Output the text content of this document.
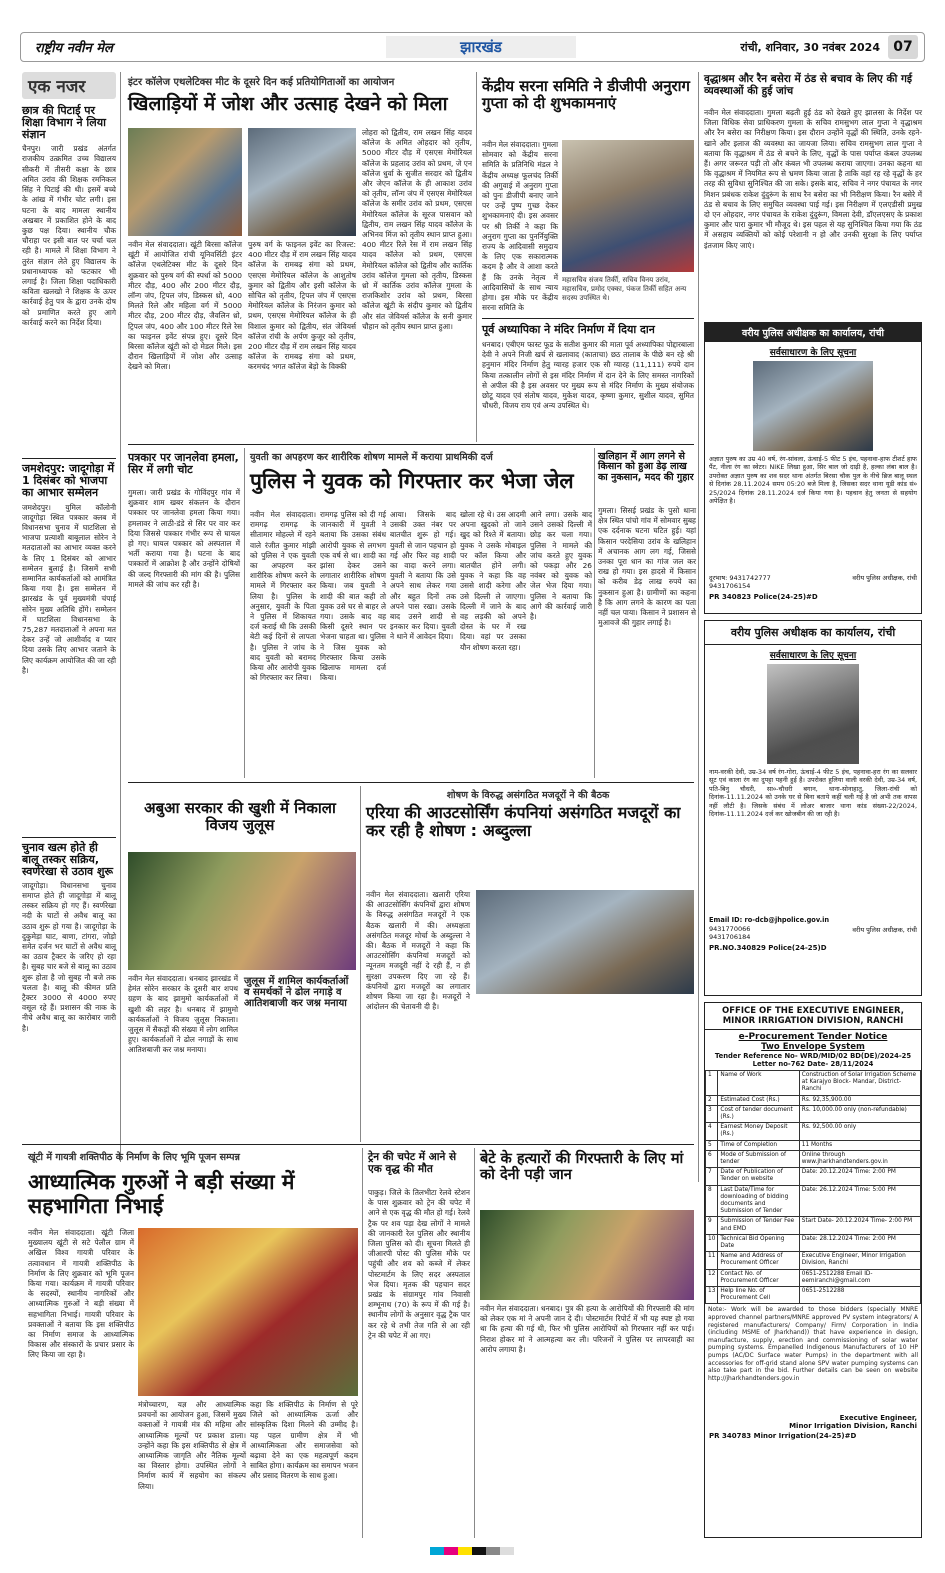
राष्ट्रीय नवीन मेल	झारखंड	रांची, शनिवार, 30 नवंबर 2024 07
एक नजर
छात्र की पिटाई पर शिक्षा विभाग ने लिया संज्ञान
चैनपुर। जारी प्रखंड अंतर्गत राजकीय उत्क्रमित उच्च विद्यालय सीकरी में तीसरी कक्षा के छात्र अमित उरांव की शिक्षक रमनिकल सिंह ने पिटाई की थी। इसमें बच्चे के आंख में गंभीर चोट लगी। इस घटना के बाद मामला स्थानीय अखबार में प्रकाशित होने के बाद कुछ पक्ष दिया। स्थानीय चौक चौराहा पर इसी बात पर चर्चा चल रही है। मामले में शिक्षा विभाग ने तुरंत संज्ञान लेते हुए विद्यालय के प्रधानाध्यापक को फटकार भी लगाई है। जिला शिक्षा पदाधिकारी कविता खलखो ने शिक्षक के ऊपर कार्रवाई हेतु पत्र के द्वारा उनके दोष को प्रमाणित करते हुए आगे कार्रवाई करने का निर्देश दिया।
जमशेदपुर: जादूगोड़ा में 1 दिसंबर को भाजपा का आभार सम्मेलन
जमशेदपुर। युमिल कॉलोनी जादूगोड़ा स्थित पत्रकार क्लब में विधानसभा चुनाव में घाटशिला से भाजपा प्रत्याशी बाबूलाल सोरेन ने मतदाताओं का आभार व्यक्त करने के लिए 1 दिसंबर को आभार सम्मेलन बुलाई है। जिसमें सभी सम्मानित कार्यकर्ताओं को आमंत्रित किया गया है। इस सम्मेलन में झारखंड के पूर्व मुख्यमंत्री चंपाई सोरेन मुख्य अतिथि होंगे। सम्मेलन में घाटशिला विधानसभा के 75,287 मतदाताओं ने अपना मत देकर उन्हें जो आशीर्वाद व प्यार दिया उसके लिए आभार जताने के लिए कार्यक्रम आयोजित की जा रही है।
चुनाव खत्म होते ही बालू तस्कर सक्रिय, स्वर्णरेखा से उठाव शुरू
जादूगोड़ा। विधानसभा चुनाव समाप्त होते ही जादूगोड़ा में बालू तस्कर सक्रिय हो गए हैं। स्वर्णरेखा नदी के घाटों से अवैध बालू का उठाव शुरू हो गया है। जादूगोड़ा के दुकुमेड़ा घाट, बाणा, टांगरा, जोड़ो समेत दर्जन भर घाटों से अवैध बालू का उठाव ट्रैक्टर के जरिए हो रहा है। सुबह चार बजे से बालू का उठाव शुरू होता है जो सुबह नौ बजे तक चलता है। बालू की कीमत प्रति ट्रैक्टर 3000 से 4000 रुपए वसूल रहे हैं। प्रशासन की नाक के नीचे अवैध बालू का कारोबार जारी है।
इंटर कॉलेज एथलेटिक्स मीट के दूसरे दिन कई प्रतियोगिताओं का आयोजन
खिलाड़ियों में जोश और उत्साह देखने को मिला
नवीन मेल संवाददाता। खूंटी बिरसा कॉलेज खूंटी में आयोजित रांची यूनिवर्सिटी इंटर कॉलेज एथलेटिक्स मीट के दूसरे दिन शुक्रवार को पुरुष वर्ग की स्पर्धा को 5000 मीटर दौड़, 400 और 200 मीटर दौड़, लॉन्ग जंप, ट्रिपल जंप, डिस्कस थ्रो, 400 मिलते रिले और महिला वर्ग में 5000 मीटर दौड़, 200 मीटर दौड़, जैवलिन थ्रो, ट्रिपल जंप, 400 और 100 मीटर रिले रेस का फाइनल इवेंट संपन्न हुए। दूसरे दिन बिरसा कॉलेज खूंटी को दो मेडल मिले। इस दौरान खिलाड़ियों में जोश और उत्साह देखने को मिला।
पुरुष वर्ग के फाइनल इवेंट का रिजल्ट: 400 मीटर दौड़ में राम लखन सिंह यादव कॉलेज के रामबढ़ संगा को प्रथम, एसएस मेमोरियल कॉलेज के आशुतोष कुमार को द्वितीय और इसी कॉलेज के सोचित को तृतीय, ट्रिपल जंप में एसएस मेमोरियल कॉलेज के निरंजन कुमार को प्रथम, एसएस मेमोरियल कॉलेज के ही विशाल कुमार को द्वितीय, संत जेवियर्स कॉलेज रांची के अर्पण कुजूर को तृतीय, 200 मीटर दौड़ में राम लखन सिंह यादव कॉलेज के रामबढ़ संगा को प्रथम, करमचंद भगत कॉलेज बेड़ो के विक्की
लोहरा को द्वितीय, राम लखन सिंह यादव कॉलेज के अमित ओहदार को तृतीय, 5000 मीटर दौड़ में एसएस मेमोरियल कॉलेज के प्रहलाद उरांव को प्रथम, जे एन कॉलेज धुर्वा के सुजीत सरदार को द्वितीय और जेएन कॉलेज के ही आकाश उरांव को तृतीय, लॉन्ग जंप में एसएस मेमोरियल कॉलेज के समीर उरांव को प्रथम, एसएस मेमोरियल कॉलेज के सूरज पासवान को द्वितीय, राम लखन सिंह यादव कॉलेज के अभिनव मिंज को तृतीय स्थान प्राप्त हुआ। 400 मीटर रिले रेस में राम लखन सिंह यादव कॉलेज को प्रथम, एसएस मेमोरियल कॉलेज को द्वितीय और कार्तिक उरांव कॉलेज गुमला को तृतीय, डिस्कस थ्रो में कार्तिक उरांव कॉलेज गुमला के राजकिशोर उरांव को प्रथम, बिरसा कॉलेज खूंटी के संदीप कुमार को द्वितीय और संत जेवियर्स कॉलेज के सनी कुमार चौहान को तृतीय स्थान प्राप्त हुआ।
केंद्रीय सरना समिति ने डीजीपी अनुराग गुप्ता को दी शुभकामनाएं
नवीन मेल संवाददाता। गुमला सोमवार को केंद्रीय सरना समिति के प्रतिनिधि मंडल ने केंद्रीय अध्यक्ष फूलचंद तिर्की की अगुवाई में अनुराग गुप्ता को पुनः डीजीपी बनाए जाने पर उन्हें पुष्प गुच्छ देकर शुभकामनाएं दी। इस अवसर पर श्री तिर्की ने कहा कि अनुराग गुप्ता का पुनर्नियुक्ति राज्य के आदिवासी समुदाय के लिए एक सकारात्मक कदम है और वे आशा करते हैं कि उनके नेतृत्व में आदिवासियों के साथ न्याय होगा। इस मौके पर केंद्रीय सरना समिति के
महासचिव संजय तिर्की, सचिव विनय उरांव, महासचिव, प्रमोद एक्का, पंकज तिर्की सहित अन्य सदस्य उपस्थित थे।
पूर्व अध्यापिका ने मंदिर निर्माण में दिया दान
धनबाद। एबीएम फास्ट फूड के सतीश कुमार की माता पूर्व अध्यापिका पोद्दारबाला देवी ने अपने निजी खर्च से खलावाद (काताचा) छठ तालाब के पीछे बन रहे श्री हनुमान मंदिर निर्माण हेतु ग्यारह हजार एक सौ ग्यारह (11,111) रुपये दान किया तत्कालीन लोगों से इस मंदिर निर्माण में दान देने के लिए समस्त नागरिकों से अपील की है इस अवसर पर मुख्य रूप से मंदिर निर्माण के मुख्य संयोजक छोटू यादव एवं संतोष यादव, मुकेश यादव, कृष्णा कुमार, सुशील यादव, सुमित चौधरी, विजय राय एवं अन्य उपस्थित थे।
वृद्धाश्रम और रैन बसेरा में ठंड से बचाव के लिए की गई व्यवस्थाओं की हुई जांच
नवीन मेल संवाददाता। गुमला बढ़ती हुई ठंड को देखते हुए झालसा के निर्देश पर जिला विधिक सेवा प्राधिकरण गुमला के सचिव रामसुभग लाल गुप्ता ने वृद्धाश्रम और रैन बसेरा का निरीक्षण किया। इस दौरान उन्होंने वृद्धों की स्थिति, उनके रहने-खाने और इलाज की व्यवस्था का जायजा लिया। सचिव रामसुभग लाल गुप्ता ने बताया कि वृद्धाश्रम में ठंड से बचने के लिए, वृद्धों के पास पर्याप्त कंबल उपलब्ध हैं। अगर जरूरत पड़ी तो और कंबल भी उपलब्ध कराया जाएगा। उनका कहना था कि वृद्धाश्रम में नियमित रूप से भ्रमण किया जाता है ताकि वहां रह रहे वृद्धों के हर तरह की सुविधा सुनिश्चित की जा सके। इसके बाद, सचिव ने नगर पंचायत के नगर मिशन प्रबंधक राकेश दुंदुरूंग के साथ रैन बसेरा का भी निरीक्षण किया। रैन बसेरे में ठंड से बचाव के लिए समुचित व्यवस्था पाई गई। इस निरीक्षण में एलएडीसी प्रमुख दो एन ओहदार, नगर पंचायत के राकेश दुंदुरूंग, विमला देवी, डॉएलएसए के प्रकाश कुमार और पारा कुमार भी मौजूद थे। इस पहल से यह सुनिश्चित किया गया कि ठंड में असहाय व्यक्तियों को कोई परेशानी न हो और उनकी सुरक्षा के लिए पर्याप्त इंतजाम किए जाएं।
वरीय पुलिस अधीक्षक का कार्यालय, रांची
सर्वसाधारण के लिए सूचना
अज्ञात पुरुष का उम्र 40 वर्ष, रंग-सांवला, ऊंचाई-5 फीट 5 इंच, पहनावा-हाफ टीशर्ट हाफ पैंट, नीला रंग का स्वेटर। NIKE लिखा हुआ, सिर बाल जो दाढ़ी है, हल्का लंबा बाल है। उपरोक्त अज्ञात पुरुष का शव सदर थाना अंतर्गत बिरसा चौक पुल के नीचे ब्रिज बालू स्थल से दिनांक 28.11.2024 समय 05:20 बजे मिला है, जिसका सदर थाना यूडी कांड सं० 25/2024 दिनांक 28.11.2024 दर्ज किया गया है। पहचान हेतु जनता से सहयोग अपेक्षित है।
दूरभाष: 9431742777
9431706154
वरीय पुलिस अधीक्षक, रांची
PR 340823 Police(24-25)#D
वरीय पुलिस अधीक्षक का कार्यालय, रांची
सर्वसाधारण के लिए सूचना
नाम-वरकी देवी, उम्र-34 वर्ष रंग-गोरा, ऊंचाई-4 फीट 5 इंच, पहनावा-हरा रंग का सलवार सूट एवं काला रंग का दुपट्टा पहनी हुई है। उपरोक्त हुलिया वाली वरकी देवी, उम्र-34 वर्ष, पति-बिनु चौधरी, सा०-चौधरी बगान, थाना-सोनाहातु, जिला-रांची को दिनांक-11.11.2024 को उनके घर से बिना बताये कहीं चली गई है जो अभी तक वापस नहीं लौटी है। जिसके संबंध में लोअर बाजार थाना कांड संख्या-22/2024, दिनांक-11.11.2024 दर्ज कर खोजबीन की जा रही है।
Email ID: ro-dcb@jhpolice.gov.in
9431770066
9431706184
वरीय पुलिस अधीक्षक, रांची
PR.NO.340829 Police(24-25)D
OFFICE OF THE EXECUTIVE ENGINEER, MINOR IRRIGATION DIVISION, RANCHI
e-Procurement Tender Notice
Two Envelope System
Tender Reference No- WRD/MID/02 BD(DE)/2024-25
Letter no-762 Date- 28/11/2024
1	Name of Work	Construction of Solar Irrigation Scheme at Karajyo Block- Mandar, District- Ranchi
2	Estimated Cost (Rs.)	Rs. 92,35,900.00
3	Cost of tender document (Rs.)	Rs. 10,000.00 only (non-refundable)
4	Earnest Money Deposit (Rs.)	Rs. 92,500.00 only
5	Time of Completion	11 Months
6	Mode of Submission of tender	Online through www.jharkhandtenders.gov.in
7	Date of Publication of Tender on website	Date: 20.12.2024 Time: 2:00 PM
8	Last Date/Time for downloading of bidding documents and Submission of Tender	Date: 26.12.2024 Time: 5:00 PM
9	Submission of Tender Fee and EMD	Start Date- 20.12.2024 Time- 2:00 PM
10	Technical Bid Opening Date	Date: 28.12.2024 Time: 2:00 PM
11	Name and Address of Procurement Officer	Executive Engineer, Minor Irrigation Division, Ranchi
12	Contact No. of Procurement Officer	0651-2512288 Email ID- eemiranchi@gmail.com
13	Help line No. of Procurement Cell	0651-2512288
Note:- Work will be awarded to those bidders (specially MNRE approved channel partners/MNRE approved PV system integrators/ A registered manufacturers/ Company/ Firm/ Corporation in India (including MSME of Jharkhand)) that have experience in design, manufacture, supply, erection and commissioning of solar water pumping systems. Empanelled Indigenous Manufacturers of 10 HP pumps (AC/DC Surface water Pumps) in the department with all accessories for off-grid stand alone SPV water pumping systems can also take part in the bid. Further details can be seen on website http://jharkhandtenders.gov.in
Executive Engineer,
Minor Irrigation Division, Ranchi
PR 340783 Minor Irrigation(24-25)#D
पत्रकार पर जानलेवा हमला, सिर में लगी चोट
गुमला। जारी प्रखंड के गोविंदपुर गांव में शुक्रवार शाम खबर संकलन के दौरान पत्रकार पर जानलेवा हमला किया गया। हमलावर ने लाठी-डंडे से सिर पर वार कर दिया जिससे पत्रकार गंभीर रूप से घायल हो गए। घायल पत्रकार को अस्पताल में भर्ती कराया गया है। घटना के बाद पत्रकारों में आक्रोश है और उन्होंने दोषियों की जल्द गिरफ्तारी की मांग की है। पुलिस मामले की जांच कर रही है।
युवती का अपहरण कर शारीरिक शोषण मामले में कराया प्राथमिकी दर्ज
पुलिस ने युवक को गिरफ्तार कर भेजा जेल
नवीन मेल संवाददाता। रामगढ़ रामगढ़ के सीतामार मोहल्ले में रहने वाले रंजीत कुमार मांझी को पुलिस ने एक युवती का अपहरण कर शारीरिक शोषण करने के मामले में गिरफ्तार कर लिया है। पुलिस के अनुसार, युवती के पिता ने पुलिस में शिकायत दर्ज कराई थी कि उसकी बेटी कई दिनों से लापता है। पुलिस ने जांच के बाद युवती को बरामद किया और आरोपी युवक को गिरफ्तार कर लिया।
रामगढ़ पुलिस को दी गई जानकारी में युवती ने बताया कि उसका संबंध आरोपी युवक से लगभग एक वर्ष से था। शादी का झांसा देकर उसने लगातार शारीरिक शोषण किया। जब युवती ने शादी की बात कही तो युवक उसे घर से बाहर ले गया। उसके बाद वह किसी दूसरे स्थान पर भेजना चाहता था। पुलिस ने जिस युवक को गिरफ्तार किया उसके खिलाफ मामला दर्ज किया।
आया। जिसके बाद उसकी उक्त नंबर पर बातचीत शुरू हो गई। युवती से जान पहचान हो गई और फिर वह शादी का वादा करने लगा। युवती ने बताया कि उसे अपने साथ लेकर गया और बहुत दिनों तक अपने पास रखा। उसके बाद उसने शादी से इनकार कर दिया। युवती ने थाने में आवेदन दिया।
खोला रहे थे। उस आदमी अपना खुदको तो जाने खुद को रिश्ते में बताया। युवक ने उसके मोबाइल पर कॉल किया और बातचीत होने लगी। युवक ने कहा कि वह उससे शादी करेगा और उसे दिल्ली ले जाएगा। दिल्ली में जाने के बाद वह लड़की को अपने दोस्त के घर में रख दिया। वहां पर उसका यौन शोषण करता रहा।
आने लगा। उसके बाद उसने उसको दिल्ली में छोड़ कर चला गया। पुलिस ने मामले की जांच करते हुए युवक को पकड़ा और 26 नवंबर को युवक को जेल भेज दिया गया। पुलिस ने बताया कि आगे की कार्रवाई जारी है।
खलिहान में आग लगने से किसान को हुआ डेढ़ लाख का नुकसान, मदद की गुहार
गुमला। सिसई प्रखंड के पुसो थाना क्षेत्र स्थित पांचो गांव में सोमवार सुबह एक दर्दनाक घटना घटित हुई। यहां किसान परदेसिया उरांव के खलिहान में अचानक आग लग गई, जिससे उनका पूरा धान का गांज जल कर राख हो गया। इस हादसे में किसान को करीब डेढ़ लाख रुपये का नुकसान हुआ है। ग्रामीणों का कहना है कि आग लगने के कारण का पता नहीं चल पाया। किसान ने प्रशासन से मुआवजे की गुहार लगाई है।
अबुआ सरकार की खुशी में निकाला विजय जुलूस
नवीन मेल संवाददाता। धनबाद झारखंड में हेमंत सोरेन सरकार के दूसरी बार शपथ ग्रहण के बाद झामुमो कार्यकर्ताओं में खुशी की लहर है। धनबाद में झामुमो कार्यकर्ताओं ने विजय जुलूस निकाला। जुलूस में सैकड़ों की संख्या में लोग शामिल हुए। कार्यकर्ताओं ने ढोल नगाड़ों के साथ आतिशबाजी कर जश्न मनाया।
जुलूस में शामिल कार्यकर्ताओं व समर्थकों ने ढोल नगाड़े व आतिशबाजी कर जश्न मनाया
शोषण के विरुद्ध असंगठित मजदूरों ने की बैठक
एरिया की आउटसोर्सिंग कंपनियां असंगठित मजदूरों का कर रही है शोषण : अब्दुल्ला
नवीन मेल संवाददाता। खलारी एरिया की आउटसोर्सिंग कंपनियों द्वारा शोषण के विरुद्ध असंगठित मजदूरों ने एक बैठक खलारी में की। अध्यक्षता असंगठित मजदूर मोर्चा के अब्दुल्ला ने की। बैठक में मजदूरों ने कहा कि आउटसोर्सिंग कंपनियां मजदूरों को न्यूनतम मजदूरी नहीं दे रही हैं, न ही सुरक्षा उपकरण दिए जा रहे हैं। कंपनियों द्वारा मजदूरों का लगातार शोषण किया जा रहा है। मजदूरों ने आंदोलन की चेतावनी दी है।
खूंटी में गायत्री शक्तिपीठ के निर्माण के लिए भूमि पूजन सम्पन्न
आध्यात्मिक गुरुओं ने बड़ी संख्या में सहभागिता निभाई
नवीन मेल संवाददाता। खूंटी जिला मुख्यालय खूंटी से सटे पेलौल ग्राम में अखिल विश्व गायत्री परिवार के तत्वावधान में गायत्री शक्तिपीठ के निर्माण के लिए शुक्रवार को भूमि पूजन किया गया। कार्यक्रम में गायत्री परिवार के सदस्यों, स्थानीय नागरिकों और आध्यात्मिक गुरुओं ने बड़ी संख्या में सहभागिता निभाई। गायत्री परिवार के प्रवक्ताओं ने बताया कि इस शक्तिपीठ का निर्माण समाज के आध्यात्मिक विकास और संस्कारों के प्रचार प्रसार के लिए किया जा रहा है।
मंत्रोच्चारण, यज्ञ और आध्यात्मिक प्रवचनों का आयोजन हुआ, जिसमें मुख्य वक्ताओं ने गायत्री मंत्र की महिमा और आध्यात्मिक मूल्यों पर प्रकाश डाला। उन्होंने कहा कि इस शक्तिपीठ से क्षेत्र में आध्यात्मिक जागृति और नैतिक मूल्यों का विस्तार होगा। उपस्थित लोगों ने निर्माण कार्य में सहयोग का संकल्प लिया।
कहा कि शक्तिपीठ के निर्माण से पूरे जिले को आध्यात्मिक ऊर्जा और सांस्कृतिक दिशा मिलने की उम्मीद है। यह पहल ग्रामीण क्षेत्र में भी आध्यात्मिकता और समाजसेवा को बढ़ावा देने का एक महत्वपूर्ण कदम साबित होगा। कार्यक्रम का समापन भजन और प्रसाद वितरण के साथ हुआ।
ट्रेन की चपेट में आने से एक वृद्ध की मौत
पाकुड़। जिले के तिलभीटा रेलवे स्टेशन के पास शुक्रवार को ट्रेन की चपेट में आने से एक वृद्ध की मौत हो गई। रेलवे ट्रैक पर शव पड़ा देख लोगों ने मामले की जानकारी रेल पुलिस और स्थानीय जिला पुलिस को दी। सूचना मिलते ही जीआरपी पोस्ट की पुलिस मौके पर पहुंची और शव को कब्जे में लेकर पोस्टमार्टम के लिए सदर अस्पताल भेज दिया। मृतक की पहचान सदर प्रखंड के संग्रामपुर गांव निवासी शम्भूनाथ (70) के रूप में की गई है। स्थानीय लोगों के अनुसार वृद्ध ट्रैक पार कर रहे थे तभी तेज गति से आ रही ट्रेन की चपेट में आ गए।
बेटे के हत्यारों की गिरफ्तारी के लिए मां को देनी पड़ी जान
नवीन मेल संवाददाता। धनबाद। पुत्र की हत्या के आरोपियों की गिरफ्तारी की मांग को लेकर एक मां ने अपनी जान दे दी। पोस्टमार्टम रिपोर्ट में भी यह स्पष्ट हो गया था कि हत्या की गई थी, फिर भी पुलिस आरोपियों को गिरफ्तार नहीं कर पाई। निराश होकर मां ने आत्महत्या कर ली। परिजनों ने पुलिस पर लापरवाही का आरोप लगाया है।
